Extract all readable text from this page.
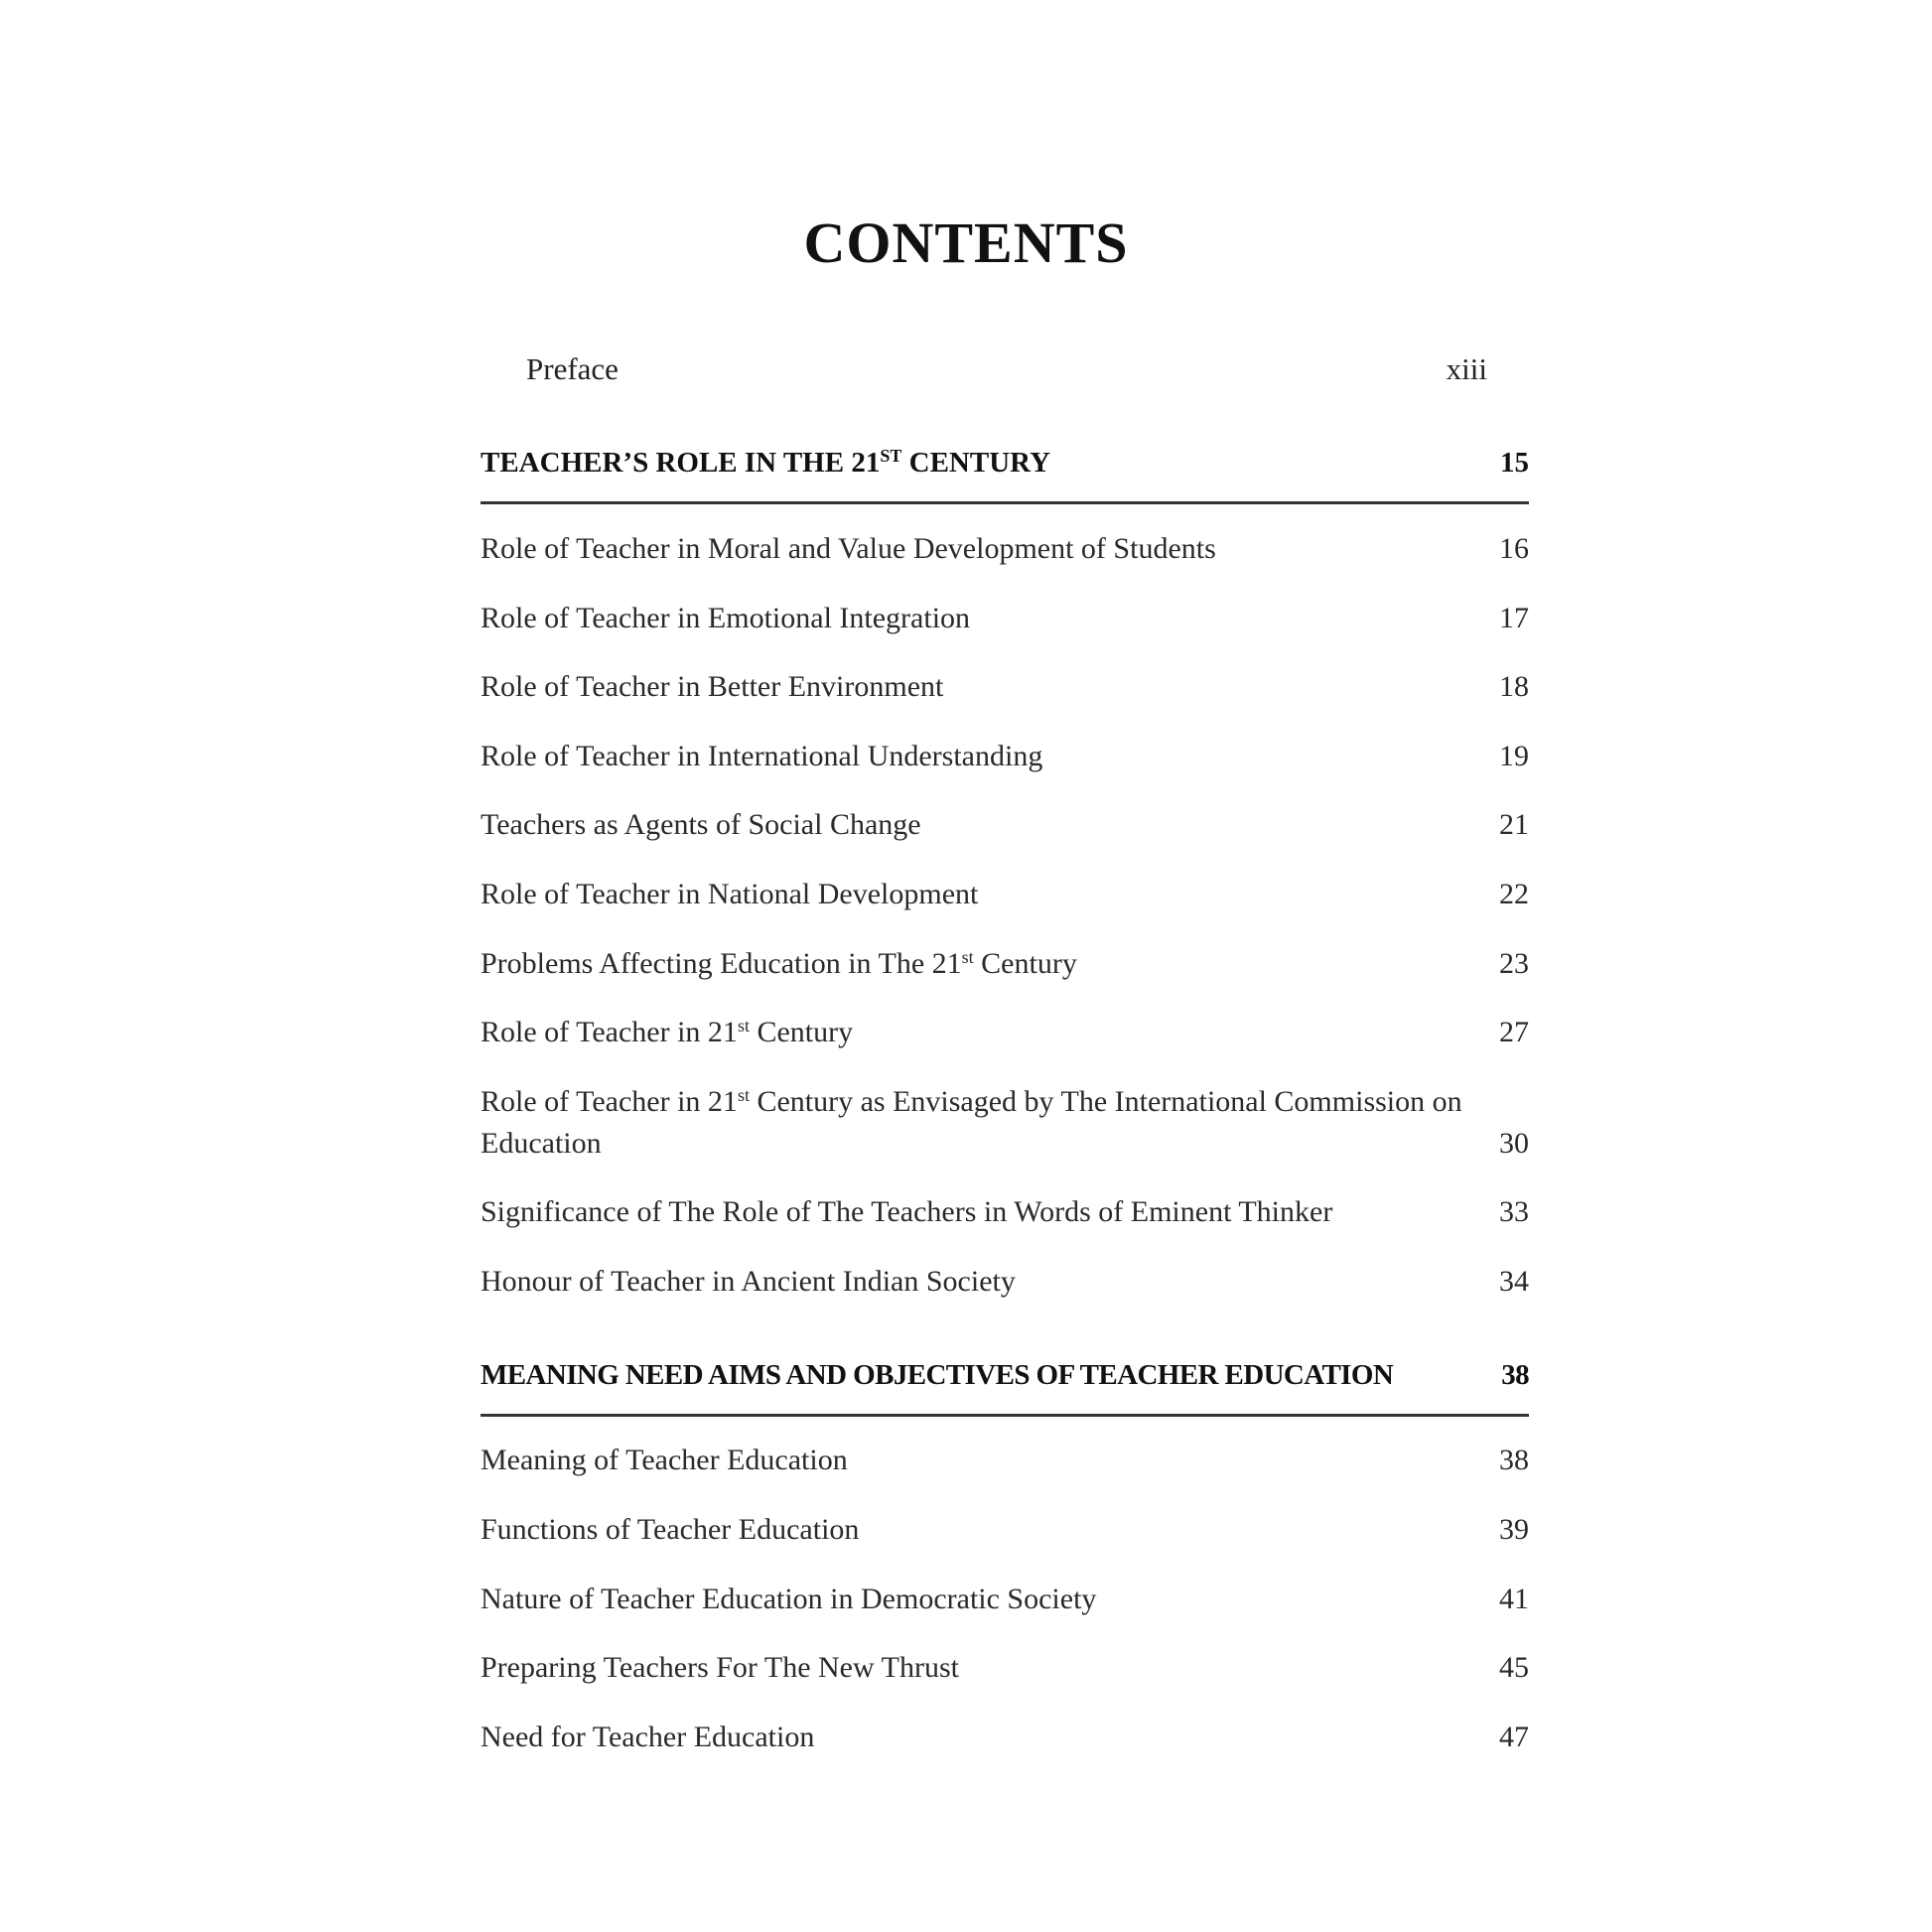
CONTENTS
Preface	xiii
TEACHER’S ROLE IN THE 21ST CENTURY	15
Role of Teacher in Moral and Value Development of Students	16
Role of Teacher in Emotional Integration	17
Role of Teacher in Better Environment	18
Role of Teacher in International Understanding	19
Teachers as Agents of Social Change	21
Role of Teacher in National Development	22
Problems Affecting Education in The 21st Century	23
Role of Teacher in 21st Century	27
Role of Teacher in 21st Century as Envisaged by The International Commission on
Education	30
Significance of The Role of The Teachers in Words of Eminent Thinker	33
Honour of Teacher in Ancient Indian Society	34
MEANING NEED AIMS AND OBJECTIVES OF TEACHER EDUCATION	38
Meaning of Teacher Education	38
Functions of Teacher Education	39
Nature of Teacher Education in Democratic Society	41
Preparing Teachers For The New Thrust	45
Need for Teacher Education	47
